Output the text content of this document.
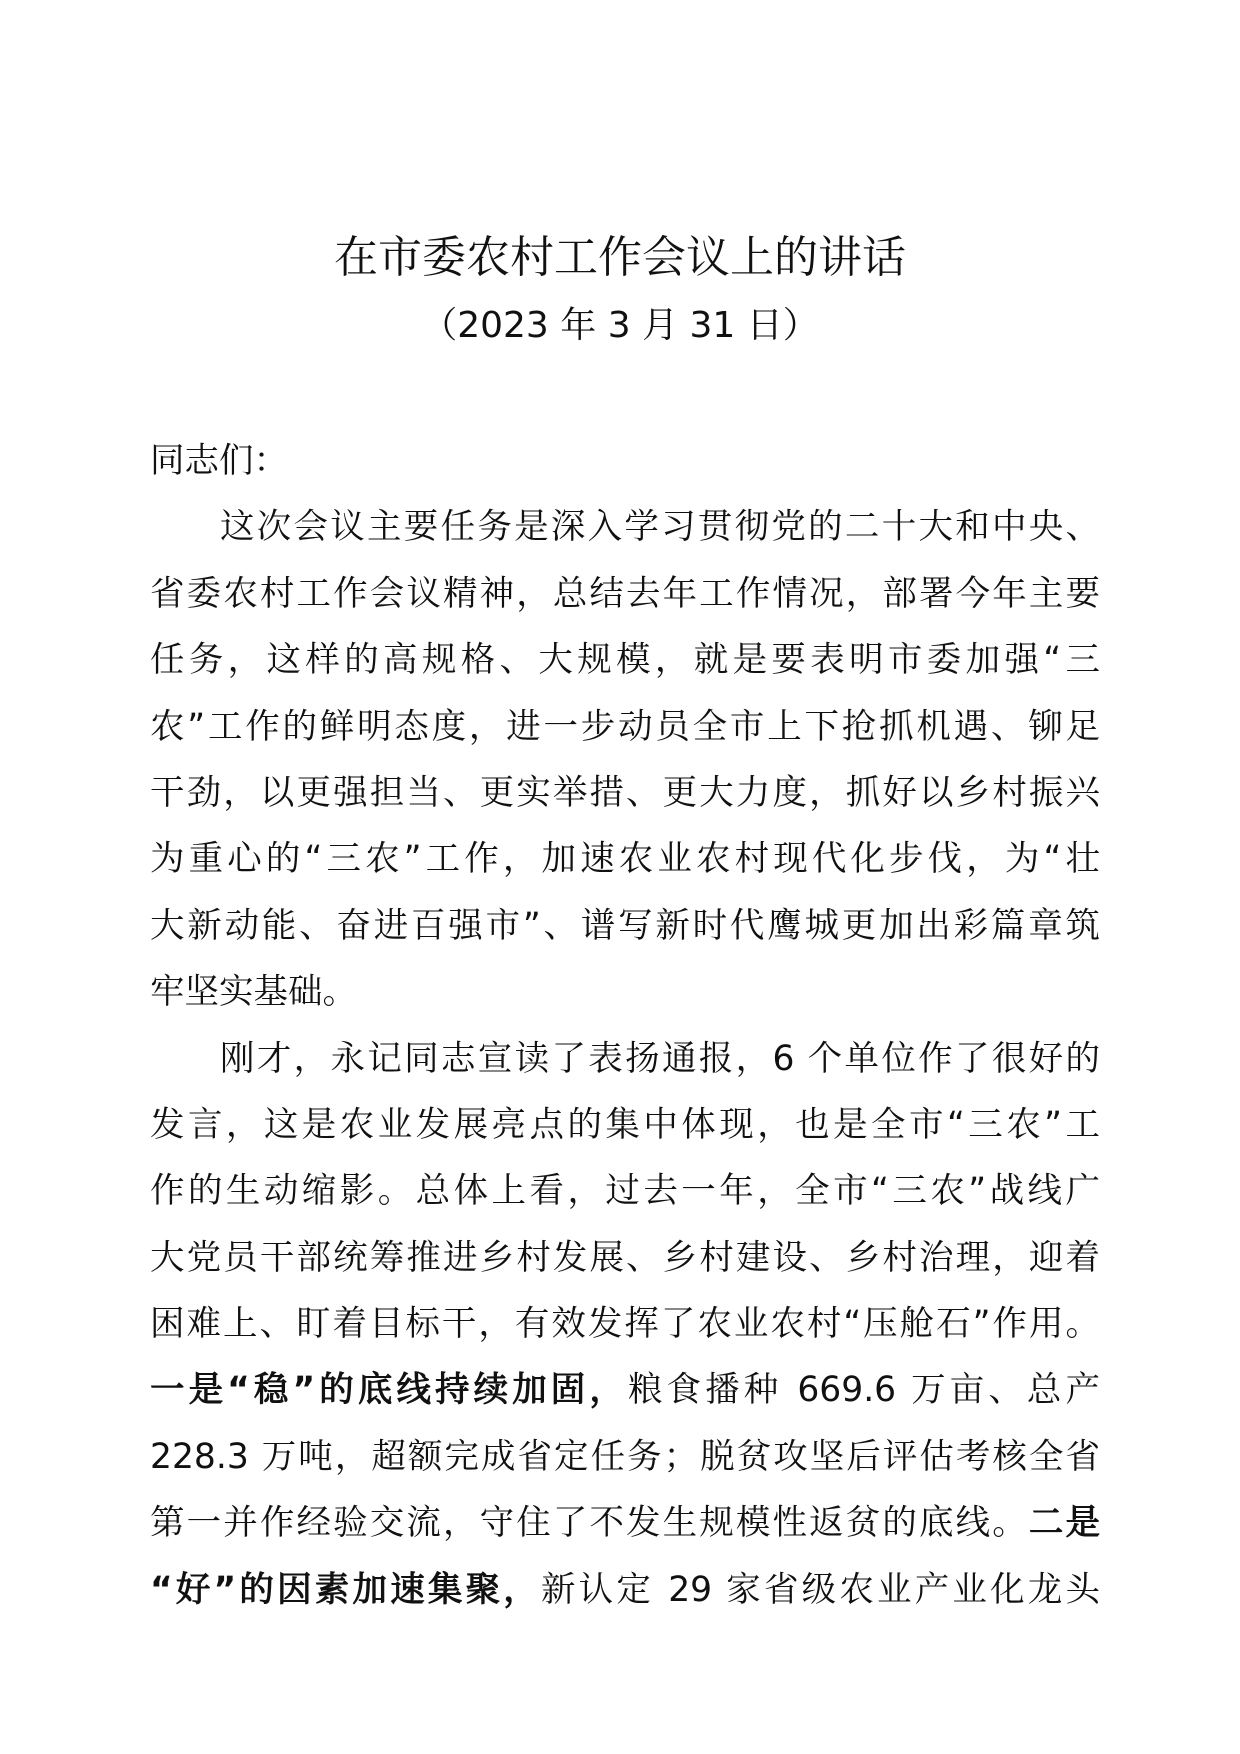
在市委农村工作会议上的讲话
（2023 年 3 月 31 日）

同志们：

这次会议主要任务是深入学习贯彻党的二十大和中央、
省委农村工作会议精神，总结去年工作情况，部署今年主要
任务，这样的高规格、大规模，就是要表明市委加强“三
农”工作的鲜明态度，进一步动员全市上下抢抓机遇、铆足
干劲，以更强担当、更实举措、更大力度，抓好以乡村振兴
为重心的“三农”工作，加速农业农村现代化步伐，为“壮
大新动能、奋进百强市”、谱写新时代鹰城更加出彩篇章筑
牢坚实基础。

刚才，永记同志宣读了表扬通报，6 个单位作了很好的
发言，这是农业发展亮点的集中体现，也是全市“三农”工
作的生动缩影。总体上看，过去一年，全市“三农”战线广
大党员干部统筹推进乡村发展、乡村建设、乡村治理，迎着
困难上、盯着目标干，有效发挥了农业农村“压舱石”作用。
一是“稳”的底线持续加固，粮食播种 669.6 万亩、总产
228.3 万吨，超额完成省定任务；脱贫攻坚后评估考核全省
第一并作经验交流，守住了不发生规模性返贫的底线。二是
“好”的因素加速集聚，新认定 29 家省级农业产业化龙头
